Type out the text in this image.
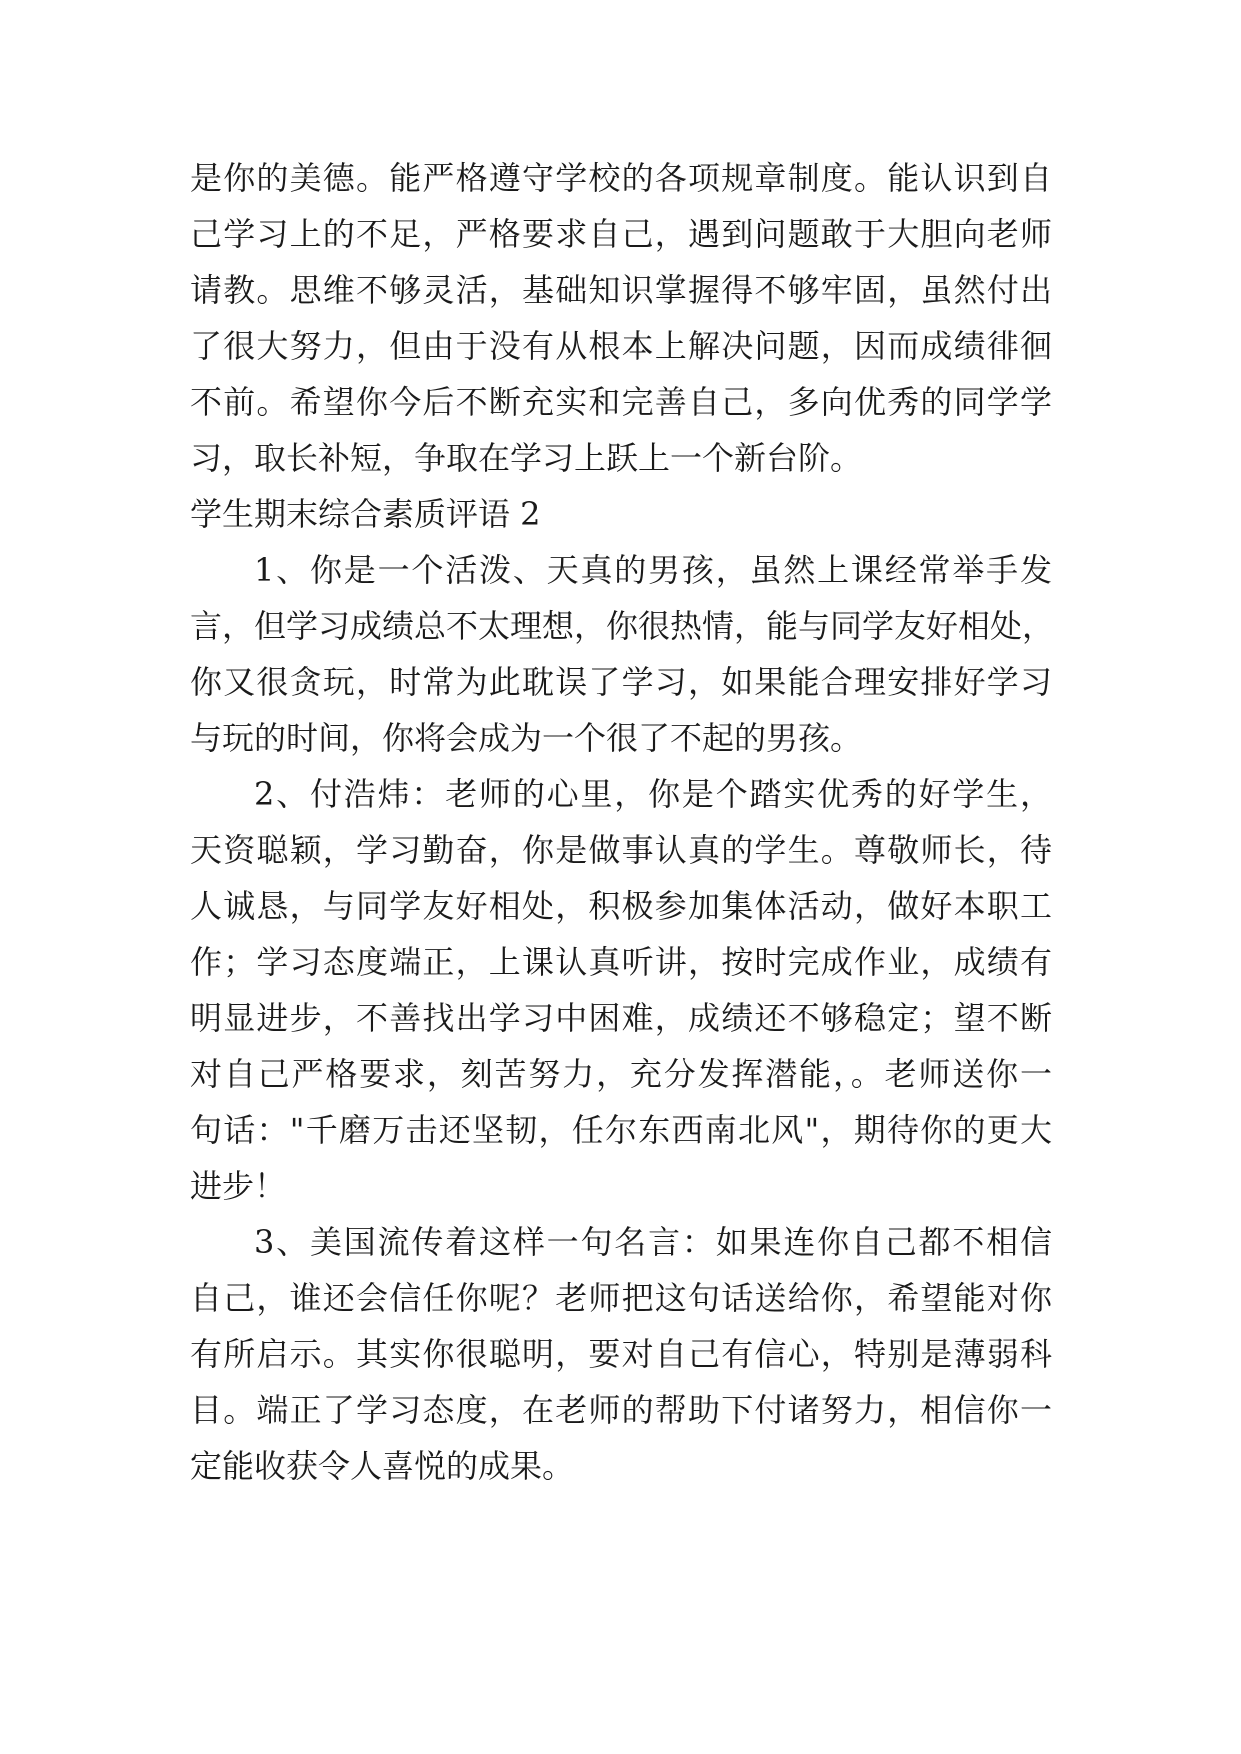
是你的美德。能严格遵守学校的各项规章制度。能认识到自
己学习上的不足，严格要求自己，遇到问题敢于大胆向老师
请教。思维不够灵活，基础知识掌握得不够牢固，虽然付出
了很大努力，但由于没有从根本上解决问题，因而成绩徘徊
不前。希望你今后不断充实和完善自己，多向优秀的同学学
习，取长补短，争取在学习上跃上一个新台阶。
学生期末综合素质评语 2
1、你是一个活泼、天真的男孩，虽然上课经常举手发
言，但学习成绩总不太理想，你很热情，能与同学友好相处，
你又很贪玩，时常为此耽误了学习，如果能合理安排好学习
与玩的时间，你将会成为一个很了不起的男孩。
2、付浩炜：老师的心里，你是个踏实优秀的好学生，
天资聪颖，学习勤奋，你是做事认真的学生。尊敬师长，待
人诚恳，与同学友好相处，积极参加集体活动，做好本职工
作；学习态度端正，上课认真听讲，按时完成作业，成绩有
明显进步，不善找出学习中困难，成绩还不够稳定；望不断
对自己严格要求，刻苦努力，充分发挥潜能，。老师送你一
句话："千磨万击还坚韧，任尔东西南北风"，期待你的更大
进步！
3、美国流传着这样一句名言：如果连你自己都不相信
自己，谁还会信任你呢？老师把这句话送给你，希望能对你
有所启示。其实你很聪明，要对自己有信心，特别是薄弱科
目。端正了学习态度，在老师的帮助下付诸努力，相信你一
定能收获令人喜悦的成果。
